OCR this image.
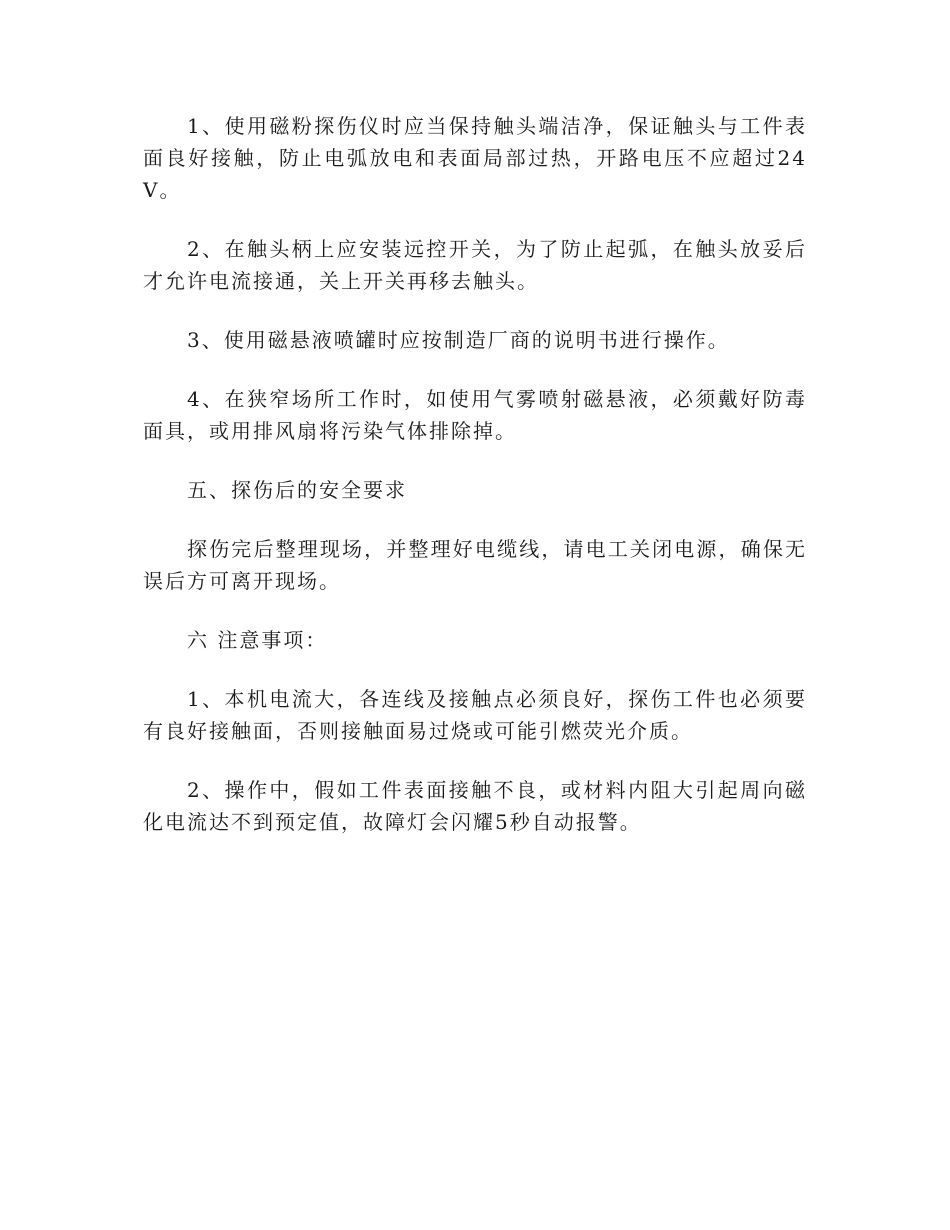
1、使用磁粉探伤仪时应当保持触头端洁净，保证触头与工件表面良好接触，防止电弧放电和表面局部过热，开路电压不应超过24V。

2、在触头柄上应安装远控开关，为了防止起弧，在触头放妥后才允许电流接通，关上开关再移去触头。

3、使用磁悬液喷罐时应按制造厂商的说明书进行操作。

4、在狭窄场所工作时，如使用气雾喷射磁悬液，必须戴好防毒面具，或用排风扇将污染气体排除掉。

五、探伤后的安全要求

探伤完后整理现场，并整理好电缆线，请电工关闭电源，确保无误后方可离开现场。

六 注意事项：

1、本机电流大，各连线及接触点必须良好，探伤工件也必须要有良好接触面，否则接触面易过烧或可能引燃荧光介质。

2、操作中，假如工件表面接触不良，或材料内阻大引起周向磁化电流达不到预定值，故障灯会闪耀5秒自动报警。
